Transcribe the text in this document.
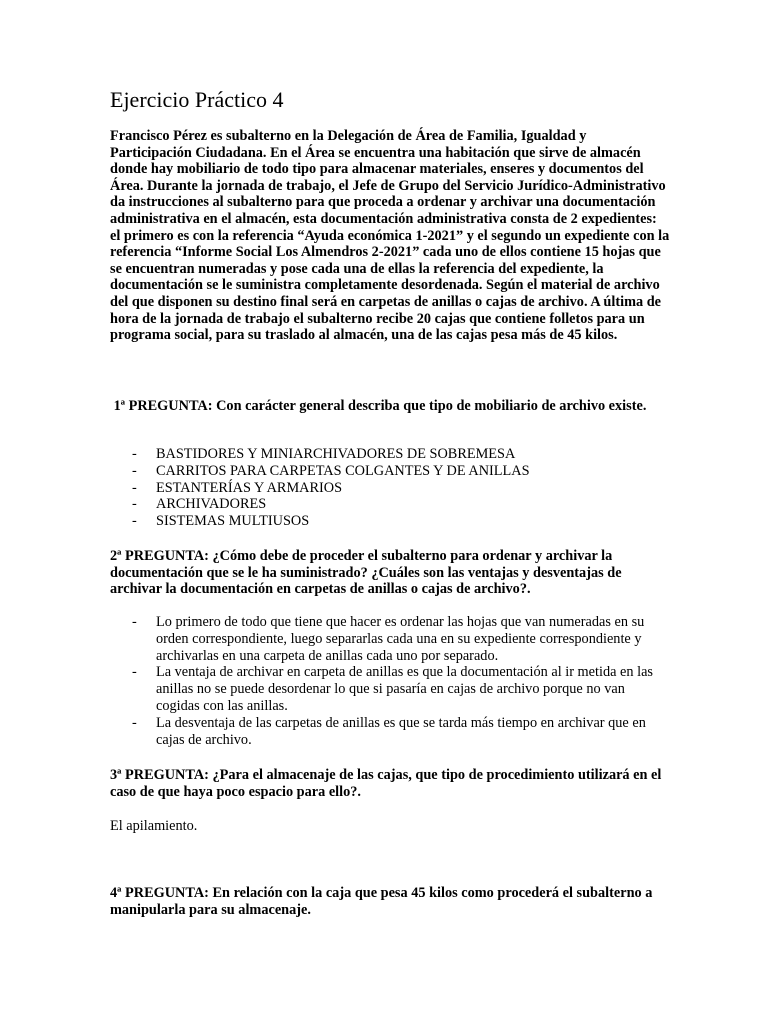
Ejercicio Práctico 4

Francisco Pérez es subalterno en la Delegación de Área de Familia, Igualdad y Participación Ciudadana. En el Área se encuentra una habitación que sirve de almacén donde hay mobiliario de todo tipo para almacenar materiales, enseres y documentos del Área. Durante la jornada de trabajo, el Jefe de Grupo del Servicio Jurídico-Administrativo da instrucciones al subalterno para que proceda a ordenar y archivar una documentación administrativa en el almacén, esta documentación administrativa consta de 2 expedientes: el primero es con la referencia “Ayuda económica 1-2021” y el segundo un expediente con la referencia “Informe Social Los Almendros 2-2021” cada uno de ellos contiene 15 hojas que se encuentran numeradas y pose cada una de ellas la referencia del expediente, la documentación se le suministra completamente desordenada. Según el material de archivo del que disponen su destino final será en carpetas de anillas o cajas de archivo. A última de hora de la jornada de trabajo el subalterno recibe 20 cajas que contiene folletos para un programa social, para su traslado al almacén, una de las cajas pesa más de 45 kilos.

1ª PREGUNTA: Con carácter general describa que tipo de mobiliario de archivo existe.

- BASTIDORES Y MINIARCHIVADORES DE SOBREMESA
- CARRITOS PARA CARPETAS COLGANTES Y DE ANILLAS
- ESTANTERÍAS Y ARMARIOS
- ARCHIVADORES
- SISTEMAS MULTIUSOS

2ª PREGUNTA: ¿Cómo debe de proceder el subalterno para ordenar y archivar la documentación que se le ha suministrado? ¿Cuáles son las ventajas y desventajas de archivar la documentación en carpetas de anillas o cajas de archivo?.

- Lo primero de todo que tiene que hacer es ordenar las hojas que van numeradas en su orden correspondiente, luego separarlas cada una en su expediente correspondiente y archivarlas en una carpeta de anillas cada uno por separado.
- La ventaja de archivar en carpeta de anillas es que la documentación al ir metida en las anillas no se puede desordenar lo que si pasaría en cajas de archivo porque no van cogidas con las anillas.
- La desventaja de las carpetas de anillas es que se tarda más tiempo en archivar que en cajas de archivo.

3ª PREGUNTA: ¿Para el almacenaje de las cajas, que tipo de procedimiento utilizará en el caso de que haya poco espacio para ello?.

El apilamiento.

4ª PREGUNTA: En relación con la caja que pesa 45 kilos como procederá el subalterno a manipularla para su almacenaje.
